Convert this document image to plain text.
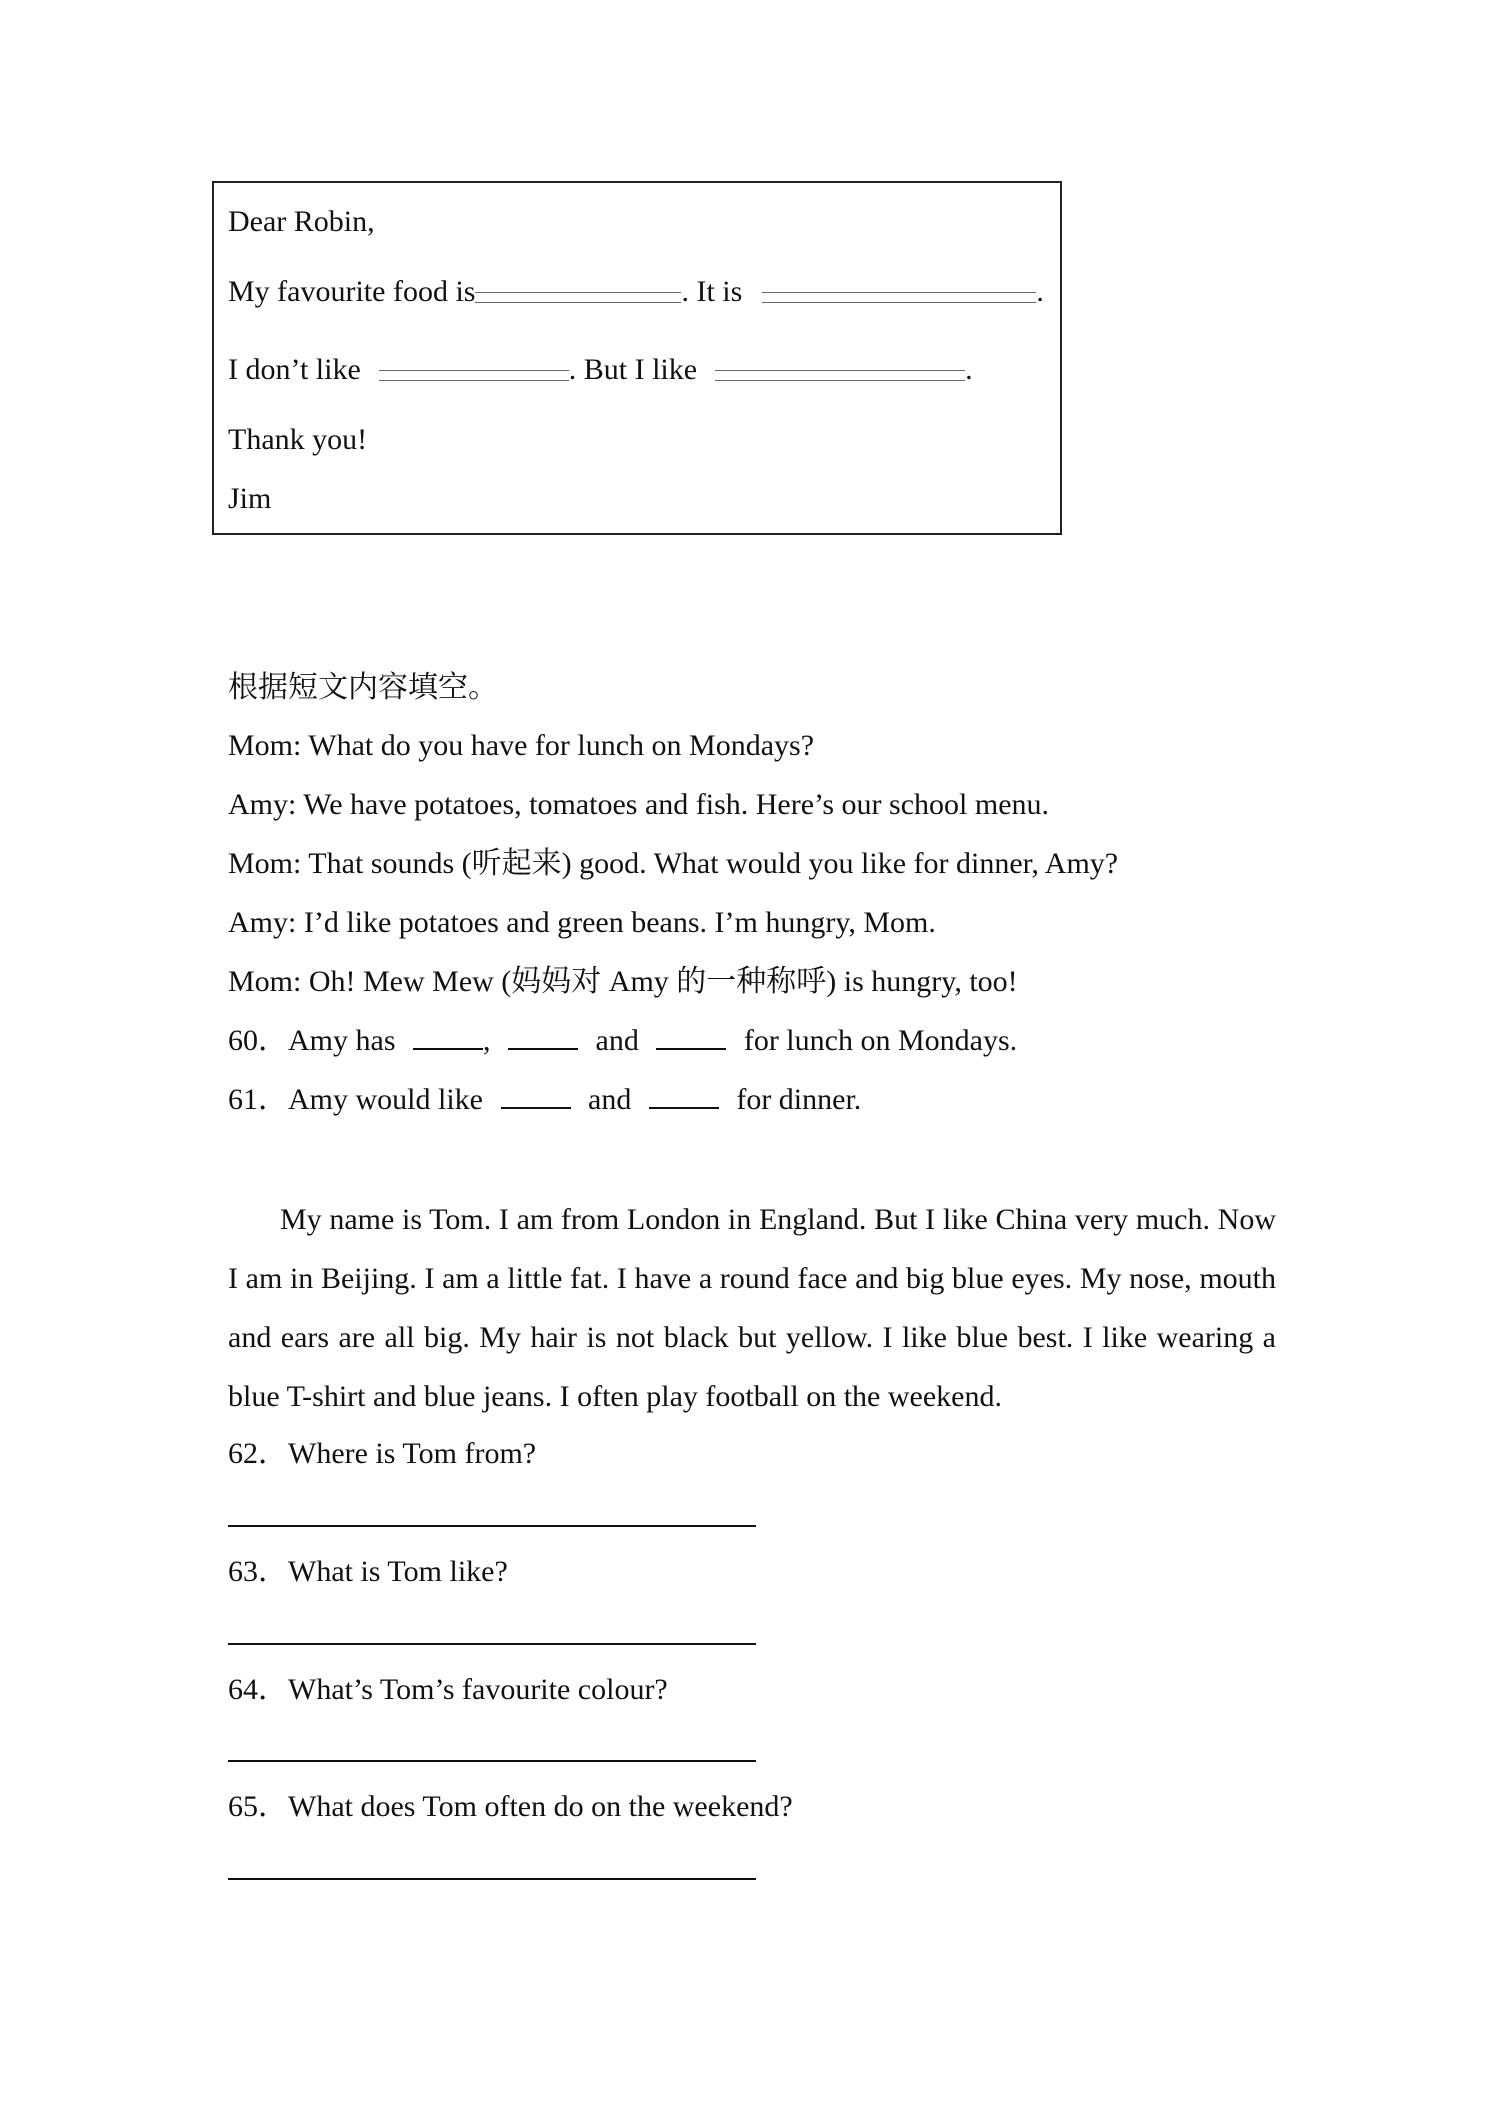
Dear Robin,
My favourite food is	. It is	.
I don’t like	. But I like	.
Thank you!
Jim
根据短文内容填空。
Mom: What do you have for lunch on Mondays?
Amy: We have potatoes, tomatoes and fish. Here’s our school menu.
Mom: That sounds (听起来) good. What would you like for dinner, Amy?
Amy: I’d like potatoes and green beans. I’m hungry, Mom.
Mom: Oh! Mew Mew (妈妈对 Amy 的一种称呼) is hungry, too!
60．Amy has	,	and	for lunch on Mondays.
61．Amy would like	and	for dinner.
My name is Tom. I am from London in England. But I like China very much. Now I am in Beijing. I am a little fat. I have a round face and big blue eyes. My nose, mouth and ears are all big. My hair is not black but yellow. I like blue best. I like wearing a blue T-shirt and blue jeans. I often play football on the weekend.
62．Where is Tom from?
63．What is Tom like?
64．What’s Tom’s favourite colour?
65．What does Tom often do on the weekend?
